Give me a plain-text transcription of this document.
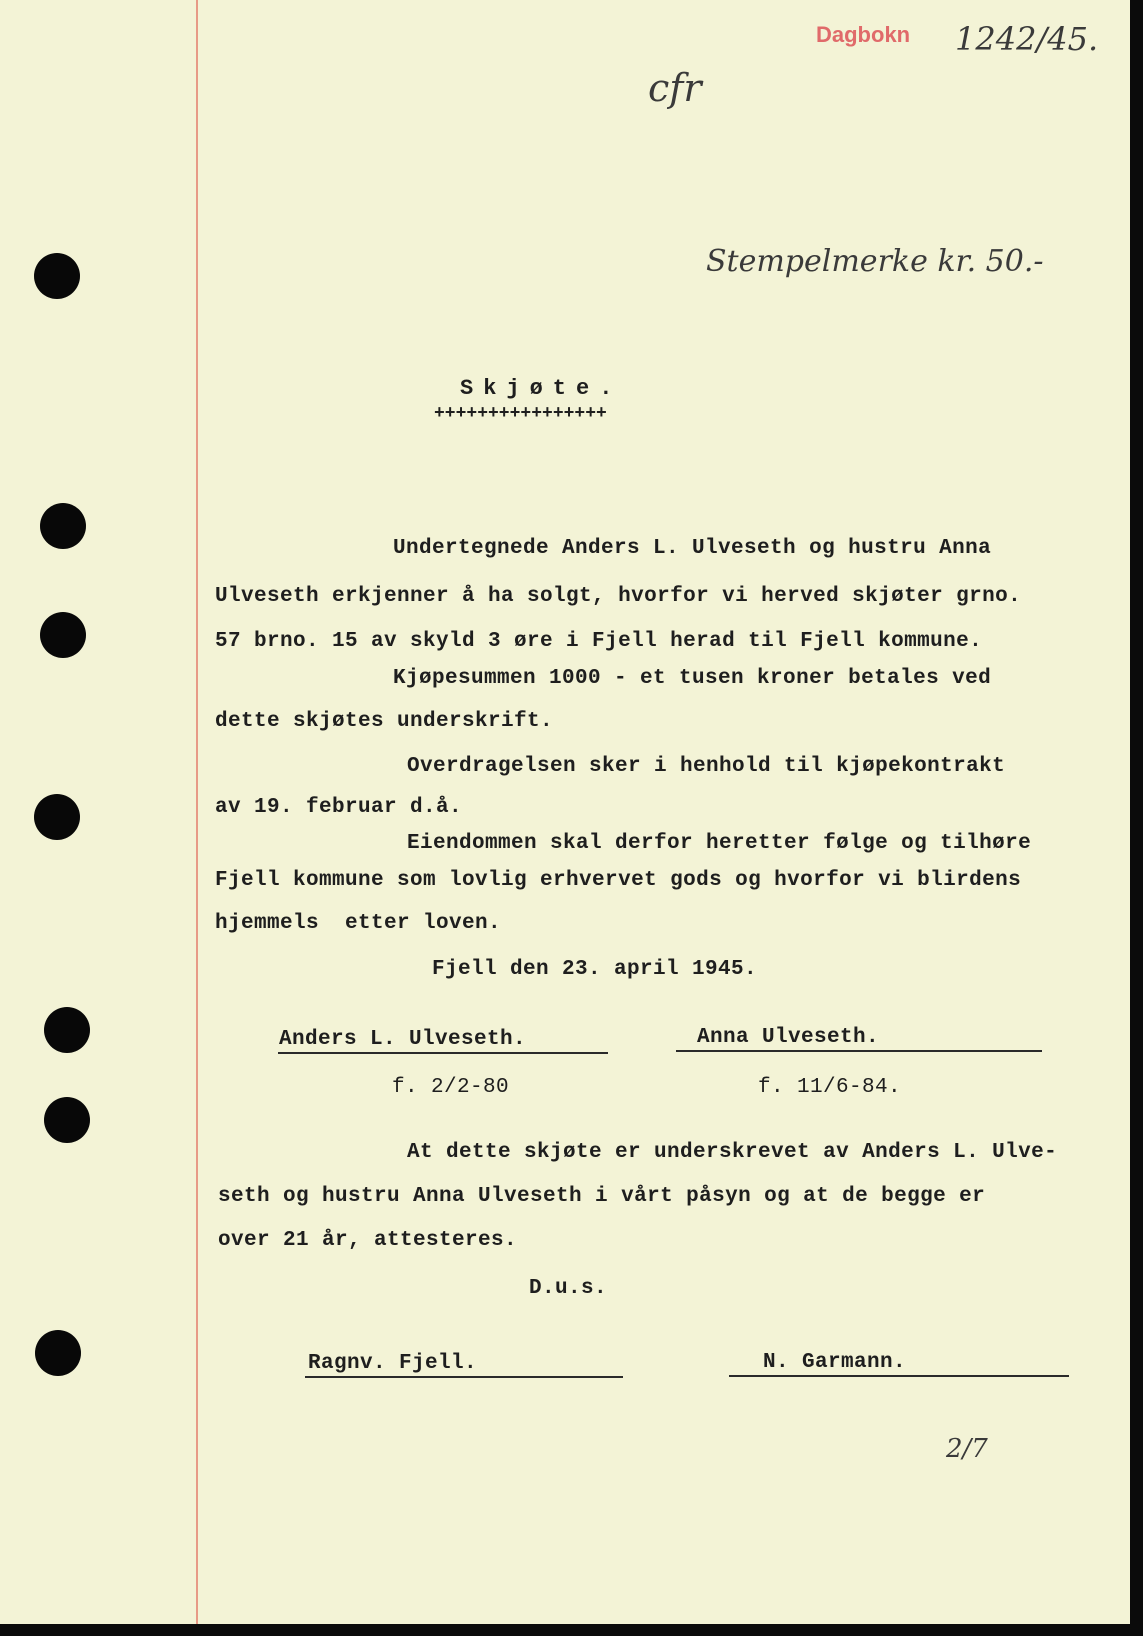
Dagbokn 1242/45.
cfr
Stempelmerke kr. 50.-
Skjøte.
++++++++++++++++
Undertegnede Anders L. Ulveseth og hustru Anna
Ulveseth erkjenner å ha solgt, hvorfor vi herved skjøter grno.
57 brno. 15 av skyld 3 øre i Fjell herad til Fjell kommune.
Kjøpesummen 1000 - et tusen kroner betales ved
dette skjøtes underskrift.
Overdragelsen sker i henhold til kjøpekontrakt
av 19. februar d.å.
Eiendommen skal derfor heretter følge og tilhøre
Fjell kommune som lovlig erhvervet gods og hvorfor vi blirdens
hjemmels  etter loven.
Fjell den 23. april 1945.
Anders L. Ulveseth.	Anna Ulveseth.
f. 2/2-80	f. 11/6-84.
At dette skjøte er underskrevet av Anders L. Ulve-
seth og hustru Anna Ulveseth i vårt påsyn og at de begge er
over 21 år, attesteres.
D.u.s.
Ragnv. Fjell.	N. Garmann.
2/7
